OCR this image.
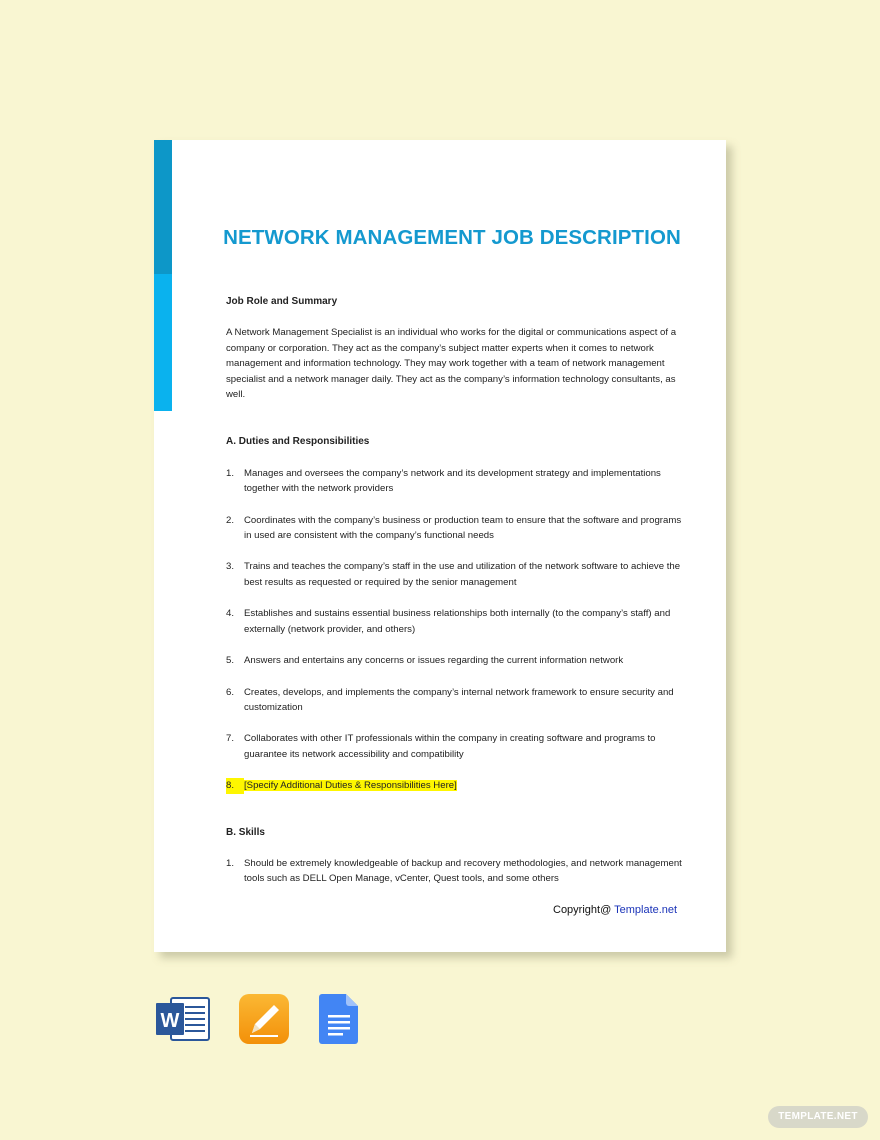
NETWORK MANAGEMENT JOB DESCRIPTION

Job Role and Summary

A Network Management Specialist is an individual who works for the digital or communications aspect of a company or corporation. They act as the company’s subject matter experts when it comes to network management and information technology. They may work together with a team of network management specialist and a network manager daily. They act as the company’s information technology consultants, as well.

A. Duties and Responsibilities

1.	Manages and oversees the company’s network and its development strategy and implementations together with the network providers
2.	Coordinates with the company’s business or production team to ensure that the software and programs in used are consistent with the company’s functional needs
3.	Trains and teaches the company’s staff in the use and utilization of the network software to achieve the best results as requested or required by the senior management
4.	Establishes and sustains essential business relationships both internally (to the company’s staff) and externally (network provider, and others)
5.	Answers and entertains any concerns or issues regarding the current information network
6.	Creates, develops, and implements the company’s internal network framework to ensure security and customization
7.	Collaborates with other IT professionals within the company in creating software and programs to guarantee its network accessibility and compatibility
8.	[Specify Additional Duties & Responsibilities Here]

B. Skills

1.	Should be extremely knowledgeable of backup and recovery methodologies, and network management tools such as DELL Open Manage, vCenter, Quest tools, and some others
Copyright@ Template.net
W
TEMPLATE.NET
